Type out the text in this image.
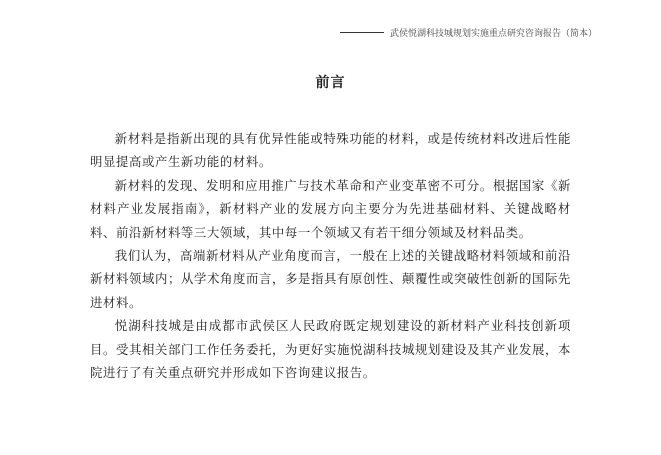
武侯悦湖科技城规划实施重点研究咨询报告（简本）
前言

新材料是指新出现的具有优异性能或特殊功能的材料，或是传统材料改进后性能明显提高或产生新功能的材料。

新材料的发现、发明和应用推广与技术革命和产业变革密不可分。根据国家《新材料产业发展指南》，新材料产业的发展方向主要分为先进基础材料、关键战略材料、前沿新材料等三大领域，其中每一个领域又有若干细分领域及材料品类。

我们认为，高端新材料从产业角度而言，一般在上述的关键战略材料领域和前沿新材料领域内；从学术角度而言，多是指具有原创性、颠覆性或突破性创新的国际先进材料。

悦湖科技城是由成都市武侯区人民政府既定规划建设的新材料产业科技创新项目。受其相关部门工作任务委托，为更好实施悦湖科技城规划建设及其产业发展，本院进行了有关重点研究并形成如下咨询建议报告。
